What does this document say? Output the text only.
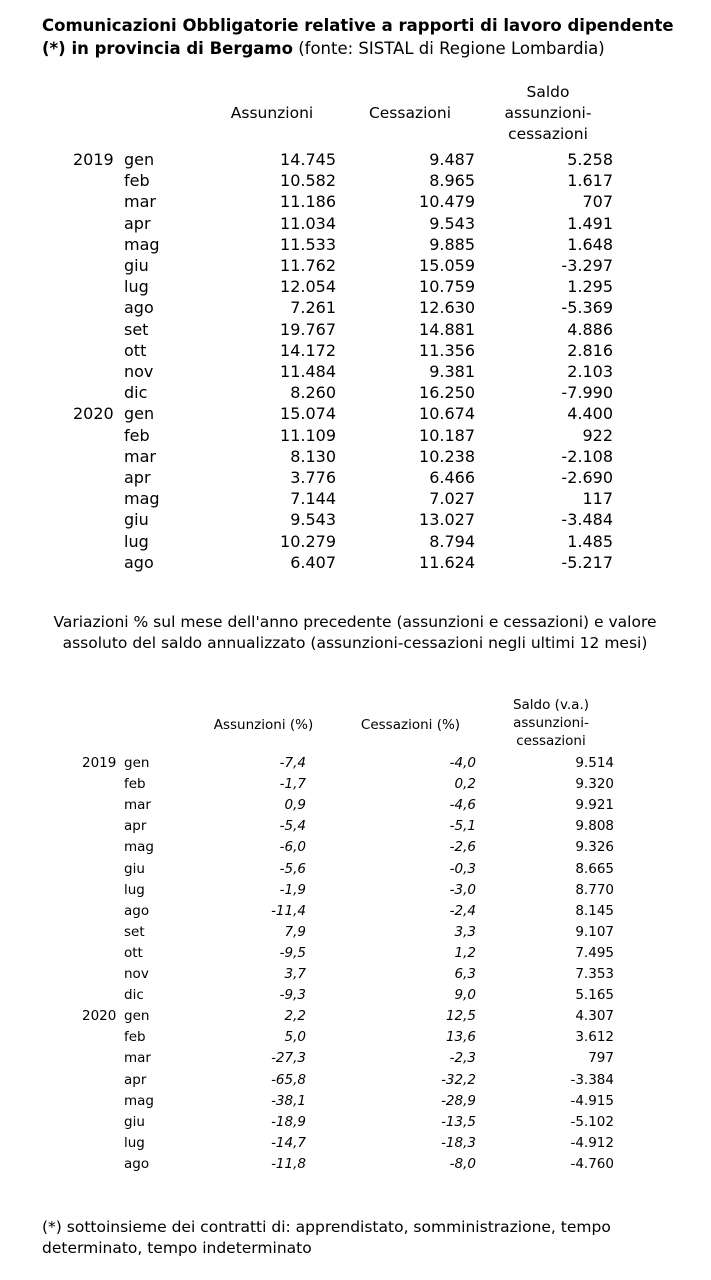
Comunicazioni Obbligatorie relative a rapporti di lavoro dipendente (*) in provincia di Bergamo (fonte: SISTAL di Regione Lombardia)
Assunzioni	Cessazioni
Saldo assunzioni-cessazioni
2019 gen	14.745	9.487	5.258
feb	10.582	8.965	1.617
mar	11.186	10.479	707
apr	11.034	9.543	1.491
mag	11.533	9.885	1.648
giu	11.762	15.059	-3.297
lug	12.054	10.759	1.295
ago	7.261	12.630	-5.369
set	19.767	14.881	4.886
ott	14.172	11.356	2.816
nov	11.484	9.381	2.103
dic	8.260	16.250	-7.990
2020 gen	15.074	10.674	4.400
feb	11.109	10.187	922
mar	8.130	10.238	-2.108
apr	3.776	6.466	-2.690
mag	7.144	7.027	117
giu	9.543	13.027	-3.484
lug	10.279	8.794	1.485
ago	6.407	11.624	-5.217
Variazioni % sul mese dell'anno precedente (assunzioni e cessazioni) e valore assoluto del saldo annualizzato (assunzioni-cessazioni negli ultimi 12 mesi)
Assunzioni (%)	Cessazioni (%)
Saldo (v.a.) assunzioni-cessazioni
2019 gen	-7,4	-4,0	9.514
feb	-1,7	0,2	9.320
mar	0,9	-4,6	9.921
apr	-5,4	-5,1	9.808
mag	-6,0	-2,6	9.326
giu	-5,6	-0,3	8.665
lug	-1,9	-3,0	8.770
ago	-11,4	-2,4	8.145
set	7,9	3,3	9.107
ott	-9,5	1,2	7.495
nov	3,7	6,3	7.353
dic	-9,3	9,0	5.165
2020 gen	2,2	12,5	4.307
feb	5,0	13,6	3.612
mar	-27,3	-2,3	797
apr	-65,8	-32,2	-3.384
mag	-38,1	-28,9	-4.915
giu	-18,9	-13,5	-5.102
lug	-14,7	-18,3	-4.912
ago	-11,8	-8,0	-4.760
(*) sottoinsieme dei contratti di: apprendistato, somministrazione, tempo determinato, tempo indeterminato
